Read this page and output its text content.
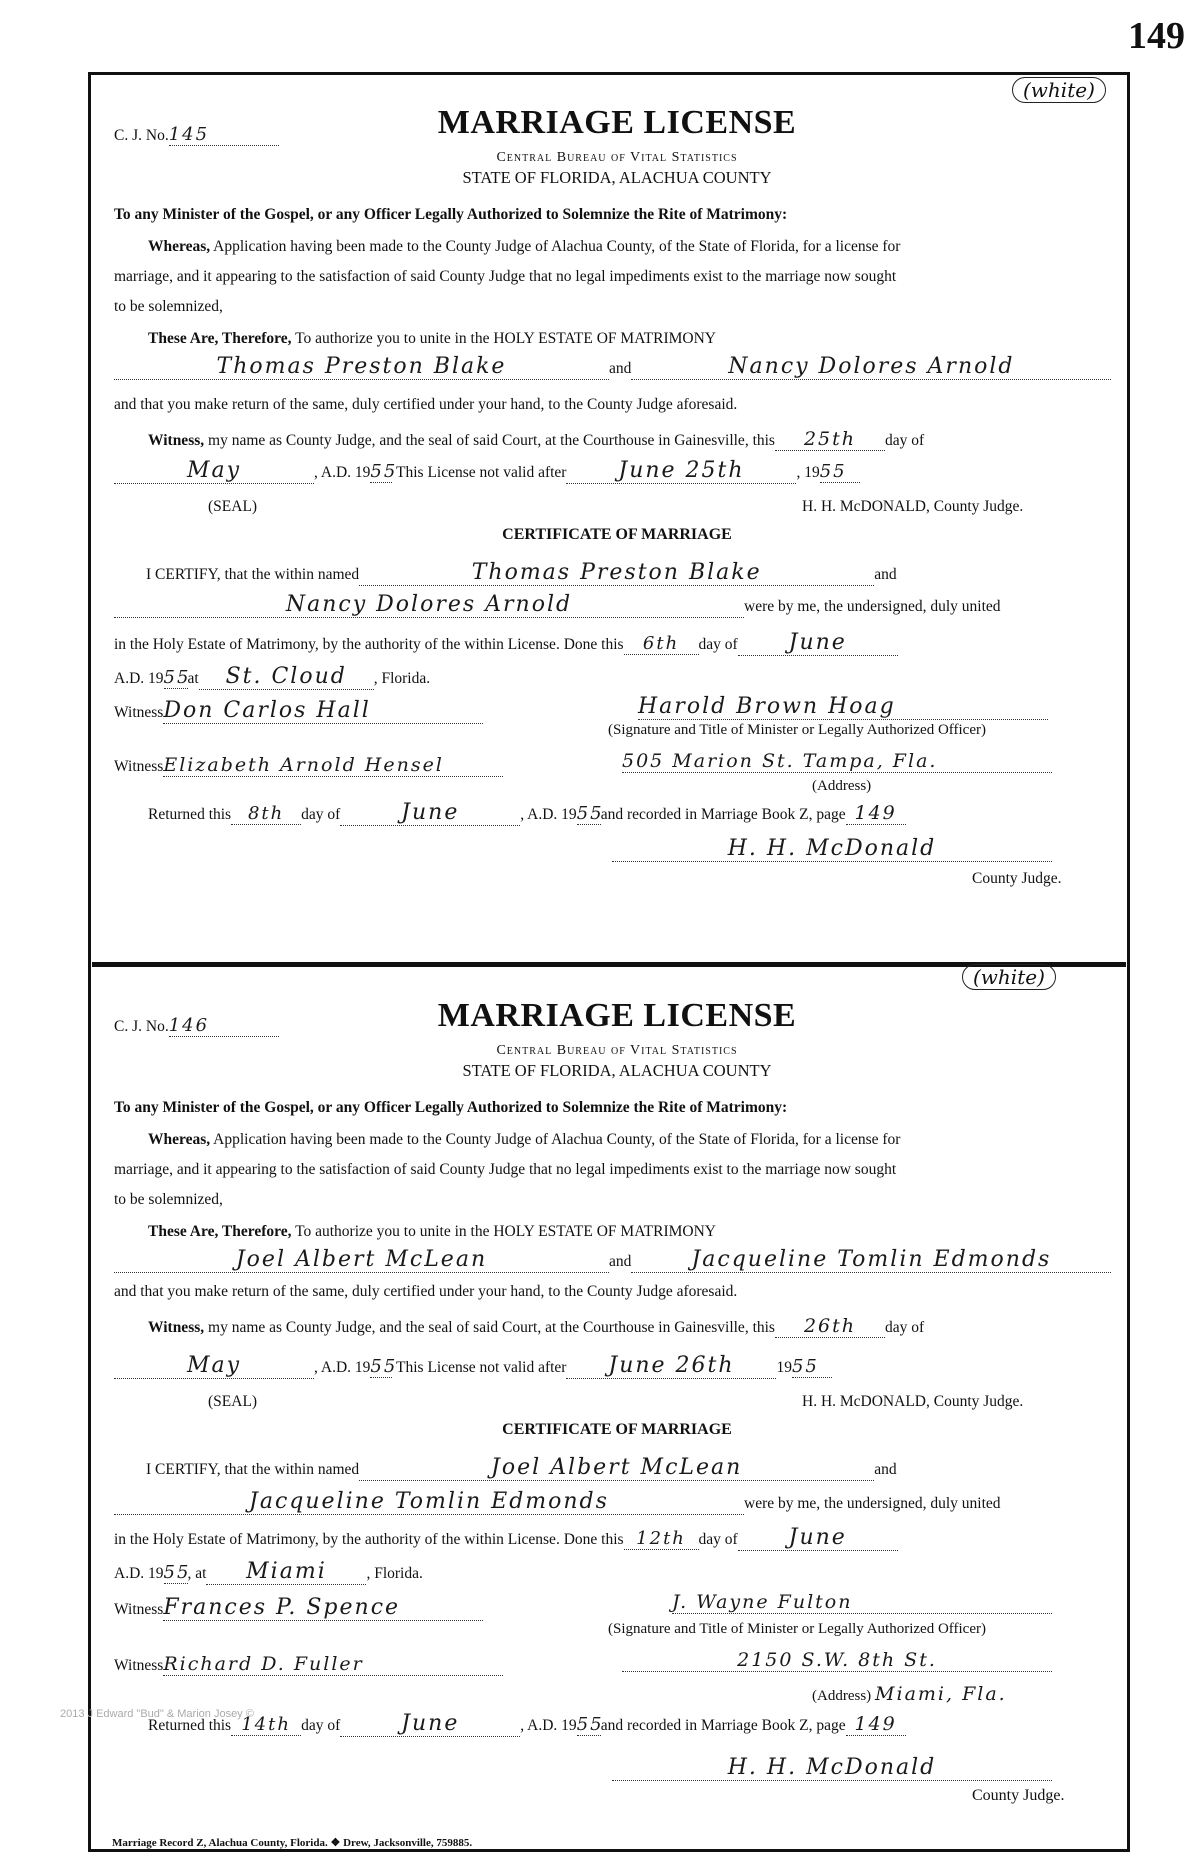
149
2013 J Edward "Bud" & Marion Josey ©
(white)
C. J. No.145	MARRIAGE LICENSE
Central Bureau of Vital Statistics
STATE OF FLORIDA, ALACHUA COUNTY
To any Minister of the Gospel, or any Officer Legally Authorized to Solemnize the Rite of Matrimony:
Whereas, Application having been made to the County Judge of Alachua County, of the State of Florida, for a license for
marriage, and it appearing to the satisfaction of said County Judge that no legal impediments exist to the marriage now sought
to be solemnized,
These Are, Therefore, To authorize you to unite in the HOLY ESTATE OF MATRIMONY
Thomas Preston Blake	and	Nancy Dolores Arnold
and that you make return of the same, duly certified under your hand, to the County Judge aforesaid.
Witness, my name as County Judge, and the seal of said Court, at the Courthouse in Gainesville, this 25th day of
May	, A.D. 1955 This License not valid after June 25th	, 1955
(SEAL)	H. H. McDONALD, County Judge.
CERTIFICATE OF MARRIAGE
I CERTIFY, that the within named	Thomas Preston Blake	and
Nancy Dolores Arnold	were by me, the undersigned, duly united
in the Holy Estate of Matrimony, by the authority of the within License. Done this 6th day of June
A.D. 1955at St. Cloud , Florida.
WitnessDon Carlos Hall	Harold Brown Hoag
(Signature and Title of Minister or Legally Authorized Officer)
WitnessElizabeth Arnold Hensel	505 Marion St. Tampa, Fla.
(Address)
Returned this 8th day of	June	, A.D. 1955and recorded in Marriage Book Z, page 149
H. H. McDonald
County Judge.
(white)
C. J. No.146	MARRIAGE LICENSE
Central Bureau of Vital Statistics
STATE OF FLORIDA, ALACHUA COUNTY
To any Minister of the Gospel, or any Officer Legally Authorized to Solemnize the Rite of Matrimony:
Whereas, Application having been made to the County Judge of Alachua County, of the State of Florida, for a license for
marriage, and it appearing to the satisfaction of said County Judge that no legal impediments exist to the marriage now sought
to be solemnized,
These Are, Therefore, To authorize you to unite in the HOLY ESTATE OF MATRIMONY
Joel Albert McLean	and	Jacqueline Tomlin Edmonds
and that you make return of the same, duly certified under your hand, to the County Judge aforesaid.
Witness, my name as County Judge, and the seal of said Court, at the Courthouse in Gainesville, this 26th day of
May	, A.D. 1955 This License not valid after June 26th	1955
(SEAL)	H. H. McDONALD, County Judge.
CERTIFICATE OF MARRIAGE
I CERTIFY, that the within named	Joel Albert McLean	and
Jacqueline Tomlin Edmonds	were by me, the undersigned, duly united
in the Holy Estate of Matrimony, by the authority of the within License. Done this 12th day of June
A.D. 1955, at Miami	, Florida.
WitnessFrances P. Spence	J. Wayne Fulton
(Signature and Title of Minister or Legally Authorized Officer)
WitnessRichard D. Fuller	2150 S.W. 8th St.
(Address) Miami, Fla.
Returned this 14th day of	June	, A.D. 1955and recorded in Marriage Book Z, page 149
H. H. McDonald
County Judge.
Marriage Record Z, Alachua County, Florida. ❖ Drew, Jacksonville, 759885.
